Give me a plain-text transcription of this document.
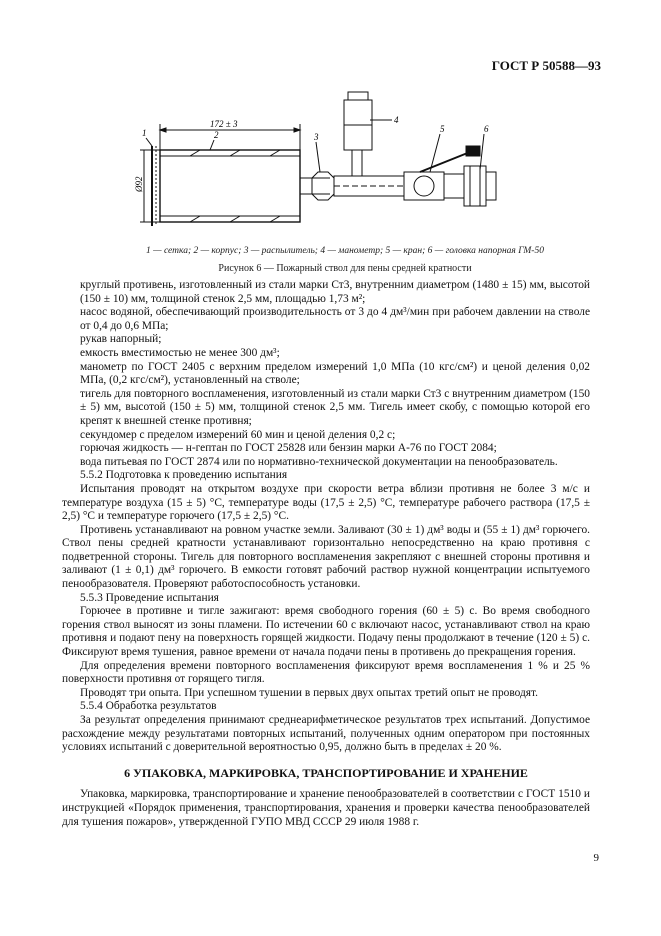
ГОСТ Р 50588—93
172 ± 3
Ø92
1	2	3
4
5	6
1 — сетка; 2 — корпус; 3 — распылитель; 4 — манометр; 5 — кран; 6 — головка напорная ГМ-50
Рисунок 6 — Пожарный ствол для пены средней кратности
круглый противень, изготовленный из стали марки Ст3, внутренним диаметром (1480 ± 15) мм, высотой (150 ± 10) мм, толщиной стенок 2,5 мм, площадью 1,73 м²;
насос водяной, обеспечивающий производительность от 3 до 4 дм³/мин при рабочем давлении на стволе от 0,4 до 0,6 МПа;
рукав напорный;
емкость вместимостью не менее 300 дм³;
манометр по ГОСТ 2405 с верхним пределом измерений 1,0 МПа (10 кгс/см²) и ценой деления 0,02 МПа, (0,2 кгс/см²), установленный на стволе;
тигель для повторного воспламенения, изготовленный из стали марки Ст3 с внутренним диаметром (150 ± 5) мм, высотой (150 ± 5) мм, толщиной стенок 2,5 мм. Тигель имеет скобу, с помощью которой его крепят к внешней стенке противня;
секундомер с пределом измерений 60 мин и ценой деления 0,2 с;
горючая жидкость — н-гептан по ГОСТ 25828 или бензин марки А-76 по ГОСТ 2084;
вода питьевая по ГОСТ 2874 или по нормативно-технической документации на пенообразователь.

5.5.2 Подготовка к проведению испытания

Испытания проводят на открытом воздухе при скорости ветра вблизи противня не более 3 м/с и температуре воздуха (15 ± 5) °С, температуре воды (17,5 ± 2,5) °С, температуре рабочего раствора (17,5 ± 2,5) °С и температуре горючего (17,5 ± 2,5) °С.

Противень устанавливают на ровном участке земли. Заливают (30 ± 1) дм³ воды и (55 ± 1) дм³ горючего. Ствол пены средней кратности устанавливают горизонтально непосредственно на краю противня с подветренной стороны. Тигель для повторного воспламенения закрепляют с внешней стороны противня и заливают (1 ± 0,1) дм³ горючего. В емкости готовят рабочий раствор нужной концентрации испытуемого пенообразователя. Проверяют работоспособность установки.

5.5.3 Проведение испытания

Горючее в противне и тигле зажигают: время свободного горения (60 ± 5) с. Во время свободного горения ствол выносят из зоны пламени. По истечении 60 с включают насос, устанавливают ствол на краю противня и подают пену на поверхность горящей жидкости. Подачу пены продолжают в течение (120 ± 5) с. Фиксируют время тушения, равное времени от начала подачи пены в противень до прекращения горения.

Для определения времени повторного воспламенения фиксируют время воспламенения 1 % и 25 % поверхности противня от горящего тигля.

Проводят три опыта. При успешном тушении в первых двух опытах третий опыт не проводят.

5.5.4 Обработка результатов

За результат определения принимают среднеарифметическое результатов трех испытаний. Допустимое расхождение между результатами повторных испытаний, полученных одним оператором при постоянных условиях испытаний с доверительной вероятностью 0,95, должно быть в пределах ± 20 %.

6 УПАКОВКА, МАРКИРОВКА, ТРАНСПОРТИРОВАНИЕ И ХРАНЕНИЕ

Упаковка, маркировка, транспортирование и хранение пенообразователей в соответствии с ГОСТ 1510 и инструкцией «Порядок применения, транспортирования, хранения и проверки качества пенообразователей для тушения пожаров», утвержденной ГУПО МВД СССР 29 июля 1988 г.

9
